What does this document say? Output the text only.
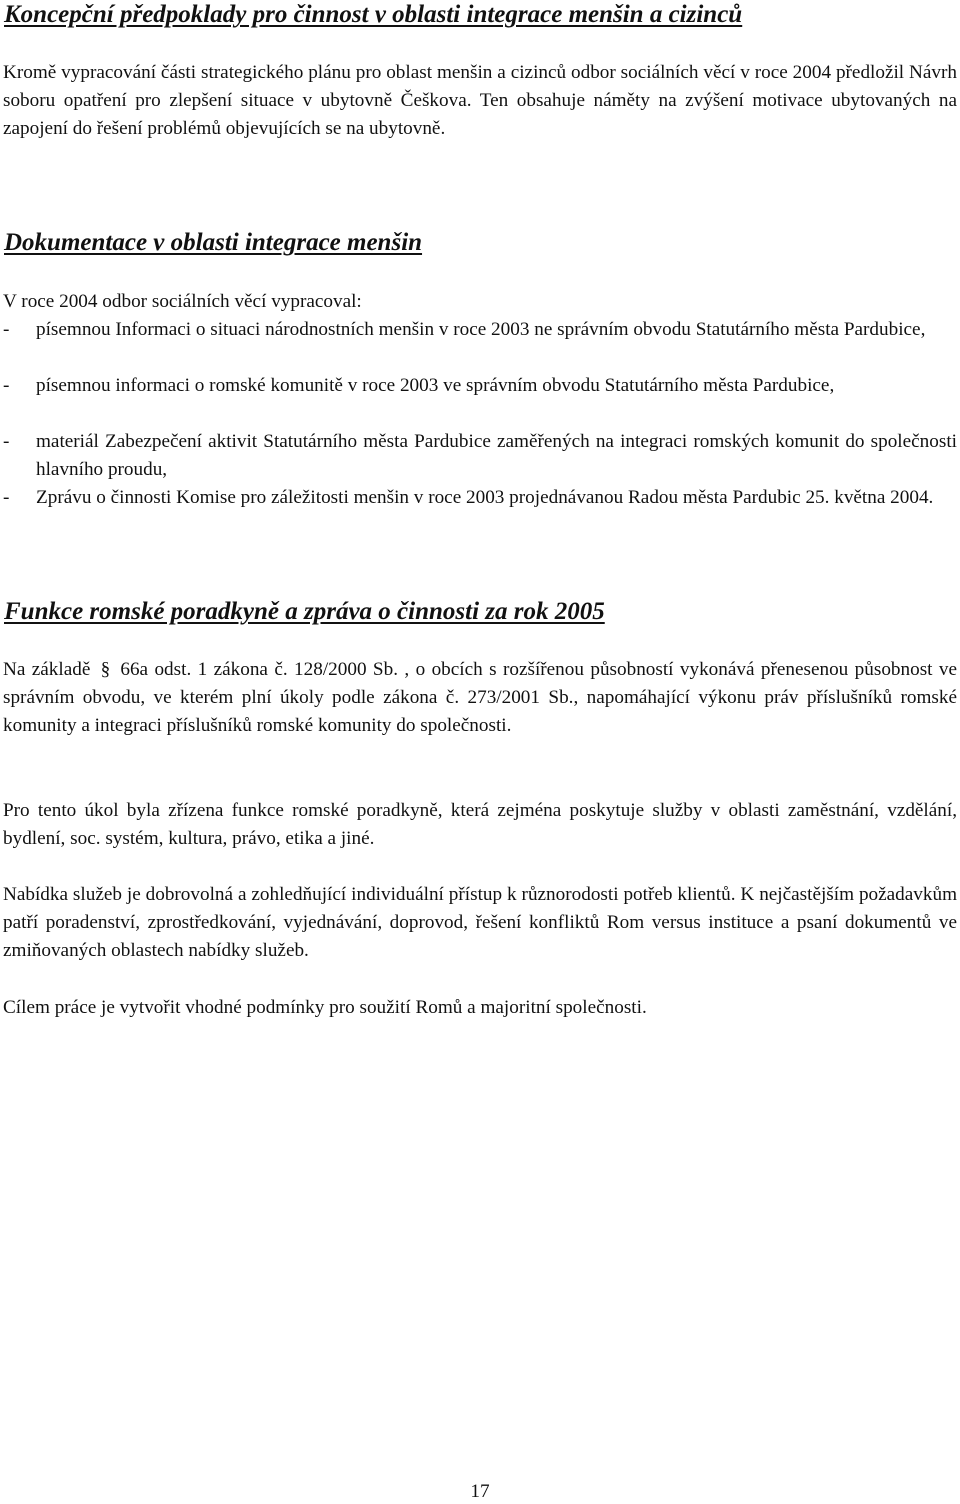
Koncepční předpoklady pro činnost v oblasti integrace menšin a cizinců

Kromě vypracování části strategického plánu pro oblast menšin a cizinců odbor sociálních věcí v roce 2004 předložil Návrh soboru opatření pro zlepšení situace v ubytovně Češkova. Ten obsahuje náměty na zvýšení motivace ubytovaných na zapojení do řešení problémů objevujících se na ubytovně.

Dokumentace v oblasti integrace menšin

V roce 2004 odbor sociálních věcí vypracoval:

- písemnou Informaci o situaci národnostních menšin v roce 2003 ne správním obvodu Statutárního města Pardubice,

- písemnou informaci o romské komunitě v roce 2003 ve správním obvodu Statutárního města Pardubice,

- materiál Zabezpečení aktivit Statutárního města Pardubice zaměřených na integraci romských komunit do společnosti hlavního proudu,

- Zprávu o činnosti Komise pro záležitosti menšin v roce 2003 projednávanou Radou města Pardubic 25. května 2004.

Funkce romské poradkyně a zpráva o činnosti za rok 2005

Na základě § 66a odst. 1 zákona č. 128/2000 Sb. , o obcích s rozšířenou působností vykonává přenesenou působnost ve správním obvodu, ve kterém plní úkoly podle zákona č. 273/2001 Sb., napomáhající výkonu práv příslušníků romské komunity a integraci příslušníků romské komunity do společnosti.

Pro tento úkol byla zřízena funkce romské poradkyně, která zejména poskytuje služby v oblasti zaměstnání, vzdělání, bydlení, soc. systém, kultura, právo, etika a jiné.

Nabídka služeb je dobrovolná a zohledňující individuální přístup k různorodosti potřeb klientů. K nejčastějším požadavkům patří poradenství, zprostředkování, vyjednávání, doprovod, řešení konfliktů Rom versus instituce a psaní dokumentů ve zmiňovaných oblastech nabídky služeb.

Cílem práce je vytvořit vhodné podmínky pro soužití Romů a majoritní společnosti.

17
